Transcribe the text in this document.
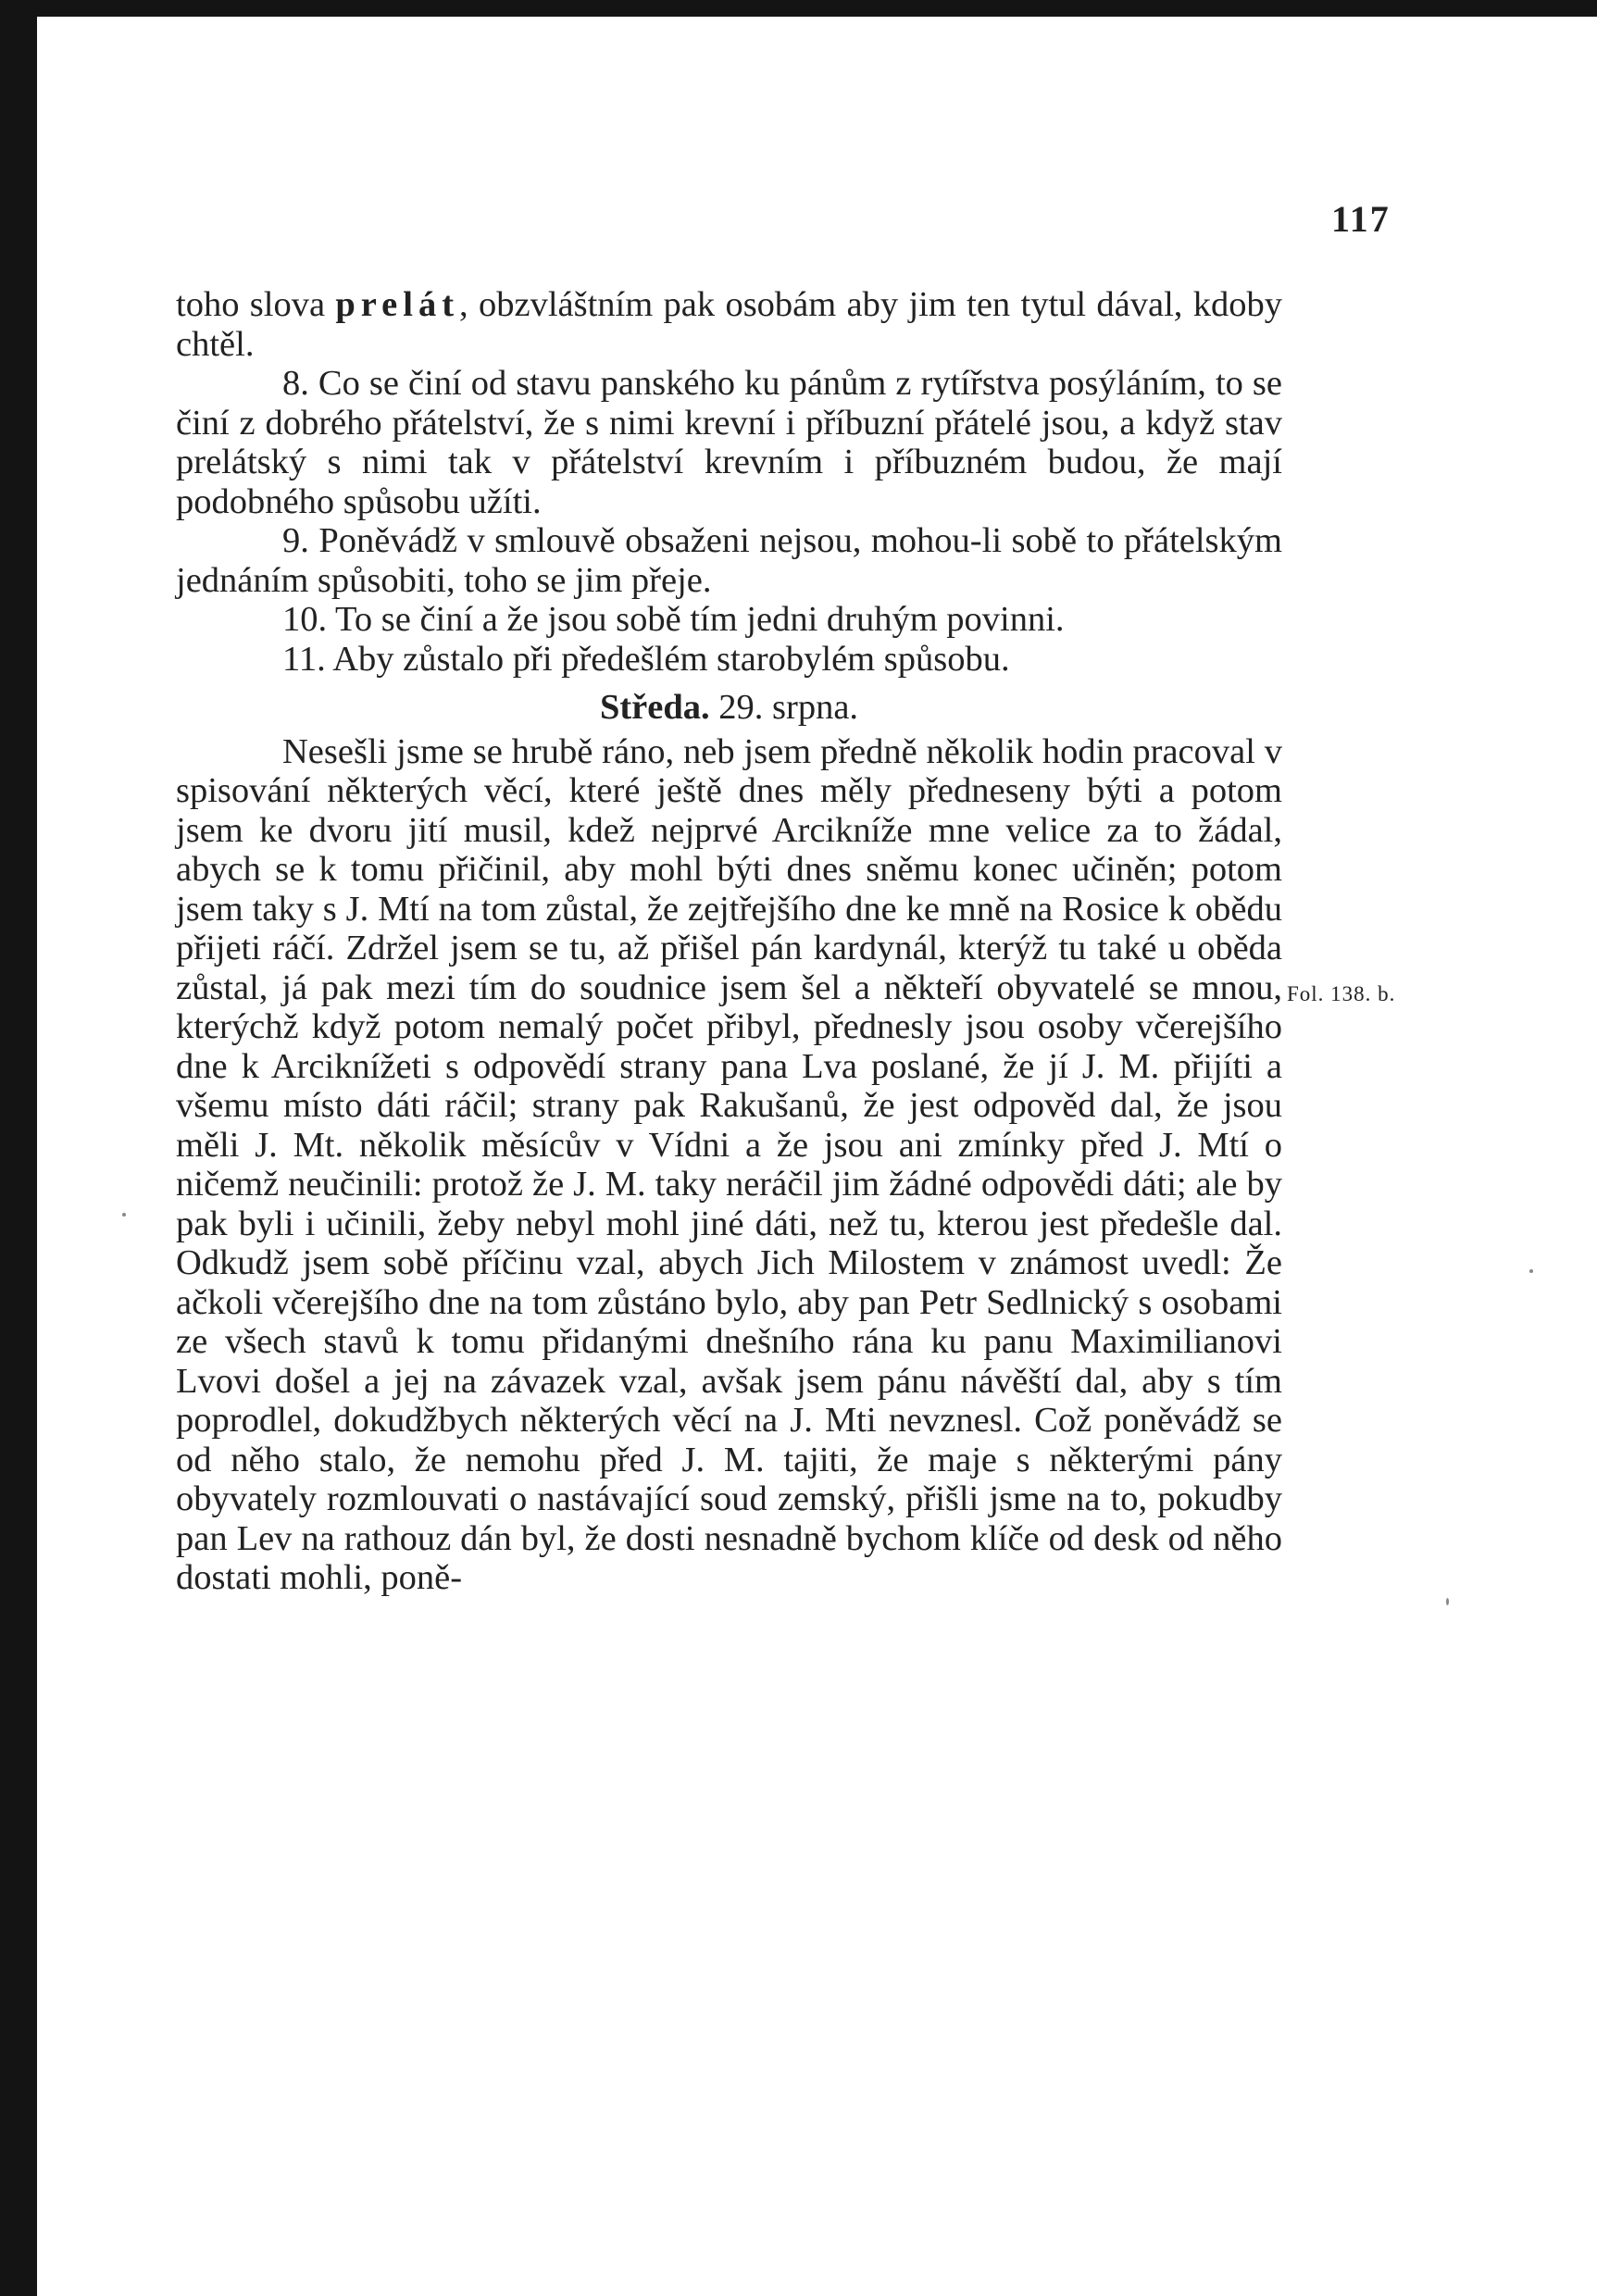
117
Fol. 138. b.

toho slova prelát, obzvláštním pak osobám aby jim ten tytul dával, kdoby chtěl.

8. Co se činí od stavu panského ku pánům z rytířstva posýláním, to se činí z dobrého přátelství, že s nimi krevní i příbuzní přátelé jsou, a když stav prelátský s nimi tak v přátelství krevním i příbuzném budou, že mají podobného spůsobu užíti.

9. Poněvádž v smlouvě obsaženi nejsou, mohou-li sobě to přátelským jednáním spůsobiti, toho se jim přeje.

10. To se činí a že jsou sobě tím jedni druhým povinni.

11. Aby zůstalo při předešlém starobylém spůsobu.

Středa. 29. srpna.

Nesešli jsme se hrubě ráno, neb jsem předně několik hodin pracoval v spisování některých věcí, které ještě dnes měly předneseny býti a potom jsem ke dvoru jití musil, kdež nejprvé Arcikníže mne velice za to žádal, abych se k tomu přičinil, aby mohl býti dnes sněmu konec učiněn; potom jsem taky s J. Mtí na tom zůstal, že zejtřejšího dne ke mně na Rosice k obědu přijeti ráčí. Zdržel jsem se tu, až přišel pán kardynál, kterýž tu také u oběda zůstal, já pak mezi tím do soudnice jsem šel a někteří obyvatelé se mnou, kterýchž když potom nemalý počet přibyl, přednesly jsou osoby včerejšího dne k Arciknížeti s odpovědí strany pana Lva poslané, že jí J. M. přijíti a všemu místo dáti ráčil; strany pak Rakušanů, že jest odpověd dal, že jsou měli J. Mt. několik měsícův v Vídni a že jsou ani zmínky před J. Mtí o ničemž neučinili: protož že J. M. taky neráčil jim žádné odpovědi dáti; ale by pak byli i učinili, žeby nebyl mohl jiné dáti, než tu, kterou jest předešle dal. Odkudž jsem sobě příčinu vzal, abych Jich Milostem v známost uvedl: Že ačkoli včerejšího dne na tom zůstáno bylo, aby pan Petr Sedlnický s osobami ze všech stavů k tomu přidanými dnešního rána ku panu Maximilianovi Lvovi došel a jej na závazek vzal, avšak jsem pánu návěští dal, aby s tím poprodlel, dokudžbych některých věcí na J. Mti nevznesl. Což poněvádž se od něho stalo, že nemohu před J. M. tajiti, že maje s některými pány obyvately rozmlouvati o nastávající soud zemský, přišli jsme na to, pokudby pan Lev na rathouz dán byl, že dosti nesnadně bychom klíče od desk od něho dostati mohli, poně-
